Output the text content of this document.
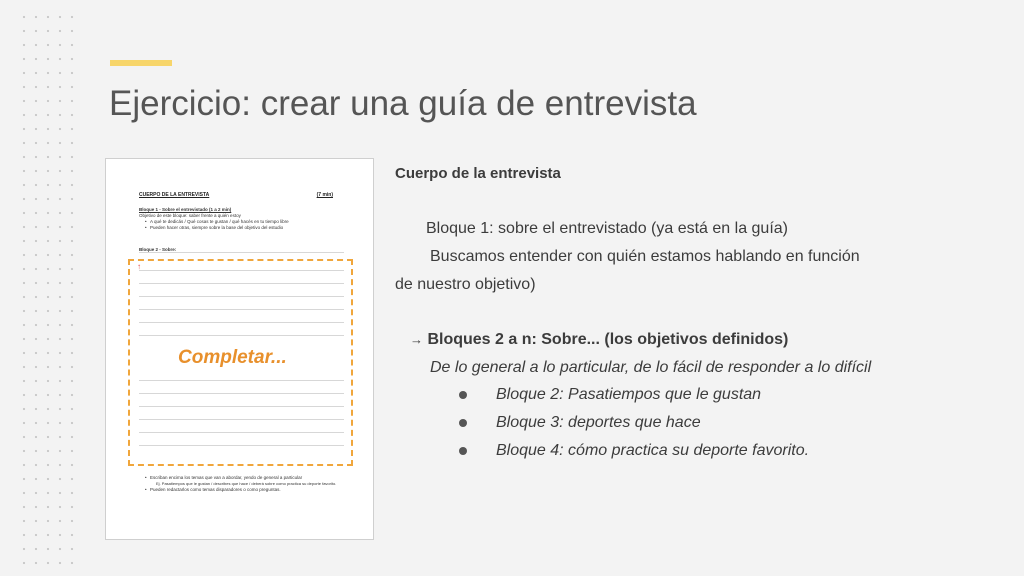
Ejercicio: crear una guía de entrevista
CUERPO DE LA ENTREVISTA	(7 min)
Bloque 1 - Sobre el entrevistado (1 a 2 min)
Objetivo de este bloque: saber frente a quién estoy
• A qué te dedicás / Qué cosas te gustan / qué hacés en tu tiempo libre
• Pueden hacer otras, siempre sobre la base del objetivo del estudio
Bloque 2 - Sobre:
↑
Completar...
• Escriban encima los temas que van a abordar, yendo de general a particular
Ej. Pasatiempos que le gustan / describes que hace / deberá sobre como practica su deporte favorito.
• Pueden redactarlos como temas disparadores o como preguntas.
Cuerpo de la entrevista
Bloque 1: sobre el entrevistado (ya está en la guía)
Buscamos entender con quién estamos hablando en función
de nuestro objetivo)
→ Bloques 2 a n: Sobre... (los objetivos definidos)
De lo general a lo particular, de lo fácil de responder a lo difícil
Bloque 2: Pasatiempos que le gustan
Bloque 3: deportes que hace
Bloque 4: cómo practica su deporte favorito.
